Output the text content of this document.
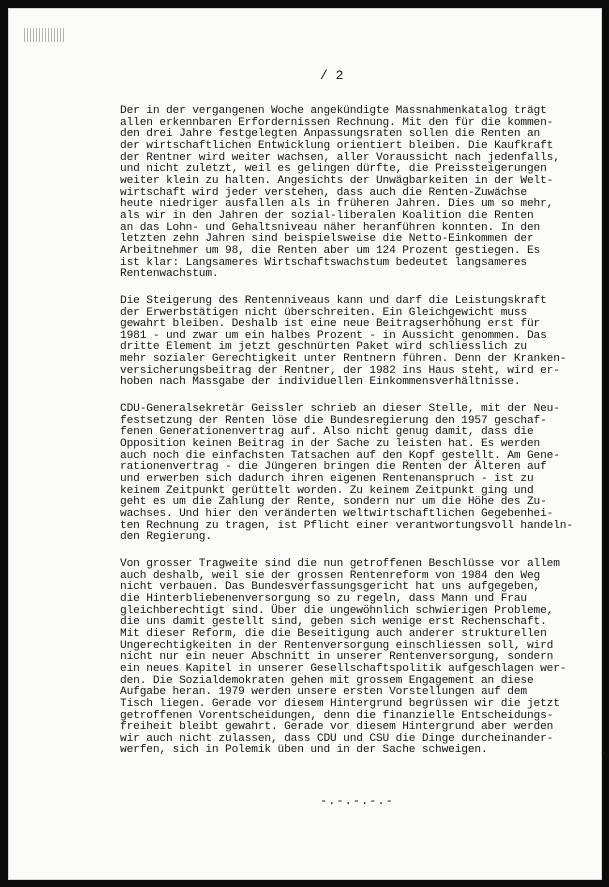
/ 2
Der in der vergangenen Woche angekündigte Massnahmenkatalog trägt
allen erkennbaren Erfordernissen Rechnung. Mit den für die kommen-
den drei Jahre festgelegten Anpassungsraten sollen die Renten an
der wirtschaftlichen Entwicklung orientiert bleiben. Die Kaufkraft
der Rentner wird weiter wachsen, aller Voraussicht nach jedenfalls,
und nicht zuletzt, weil es gelingen dürfte, die Preissteigerungen
weiter klein zu halten. Angesichts der Unwägbarkeiten in der Welt-
wirtschaft wird jeder verstehen, dass auch die Renten-Zuwächse
heute niedriger ausfallen als in früheren Jahren. Dies um so mehr,
als wir in den Jahren der sozial-liberalen Koalition die Renten
an das Lohn- und Gehaltsniveau näher heranführen konnten. In den
letzten zehn Jahren sind beispielsweise die Netto-Einkommen der
Arbeitnehmer um 98, die Renten aber um 124 Prozent gestiegen. Es
ist klar: Langsameres Wirtschaftswachstum bedeutet langsameres
Rentenwachstum.
Die Steigerung des Rentenniveaus kann und darf die Leistungskraft
der Erwerbstätigen nicht überschreiten. Ein Gleichgewicht muss
gewahrt bleiben. Deshalb ist eine neue Beitragserhöhung erst für
1981 - und zwar um ein halbes Prozent - in Aussicht genommen. Das
dritte Element im jetzt geschnürten Paket wird schliesslich zu
mehr sozialer Gerechtigkeit unter Rentnern führen. Denn der Kranken-
versicherungsbeitrag der Rentner, der 1982 ins Haus steht, wird er-
hoben nach Massgabe der individuellen Einkommensverhältnisse.
CDU-Generalsekretär Geissler schrieb an dieser Stelle, mit der Neu-
festsetzung der Renten löse die Bundesregierung den 1957 geschaf-
fenen Generationenvertrag auf. Also nicht genug damit, dass die
Opposition keinen Beitrag in der Sache zu leisten hat. Es werden
auch noch die einfachsten Tatsachen auf den Kopf gestellt. Am Gene-
rationenvertrag - die Jüngeren bringen die Renten der Älteren auf
und erwerben sich dadurch ihren eigenen Rentenanspruch - ist zu
keinem Zeitpunkt gerüttelt worden. Zu keinem Zeitpunkt ging und
geht es um die Zahlung der Rente, sondern nur um die Höhe des Zu-
wachses. Und hier den veränderten weltwirtschaftlichen Gegebenhei-
ten Rechnung zu tragen, ist Pflicht einer verantwortungsvoll handeln-
den Regierung.
Von grosser Tragweite sind die nun getroffenen Beschlüsse vor allem
auch deshalb, weil sie der grossen Rentenreform von 1984 den Weg
nicht verbauen. Das Bundesverfassungsgericht hat uns aufgegeben,
die Hinterbliebenenversorgung so zu regeln, dass Mann und Frau
gleichberechtigt sind. Über die ungewöhnlich schwierigen Probleme,
die uns damit gestellt sind, geben sich wenige erst Rechenschaft.
Mit dieser Reform, die die Beseitigung auch anderer strukturellen
Ungerechtigkeiten in der Rentenversorgung einschliessen soll, wird
nicht nur ein neuer Abschnitt in unserer Rentenversorgung, sondern
ein neues Kapitel in unserer Gesellschaftspolitik aufgeschlagen wer-
den. Die Sozialdemokraten gehen mit grossem Engagement an diese
Aufgabe heran. 1979 werden unsere ersten Vorstellungen auf dem
Tisch liegen. Gerade vor diesem Hintergrund begrüssen wir die jetzt
getroffenen Vorentscheidungen, denn die finanzielle Entscheidungs-
freiheit bleibt gewahrt. Gerade vor diesem Hintergrund aber werden
wir auch nicht zulassen, dass CDU und CSU die Dinge durcheinander-
werfen, sich in Polemik üben und in der Sache schweigen.	-
-.-.-.-.-
